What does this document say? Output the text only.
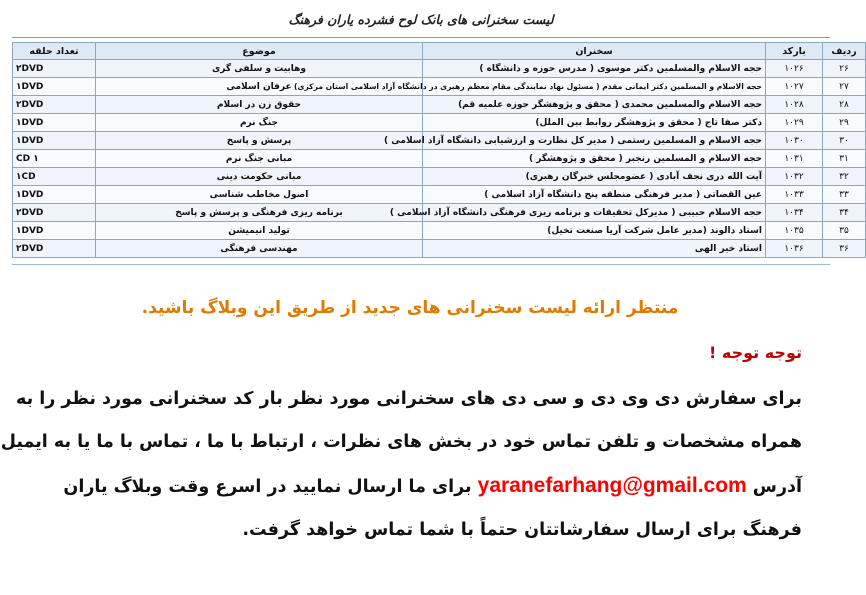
لیست سخنرانی های بانک لوح فشرده یاران فرهنگ
ردیف	بارکد	سخنران	موضوع	تعداد حلقه
۲۶	۱۰۲۶	حجه الاسلام والمسلمین دکتر موسوی ( مدرس حوزه و دانشگاه )	وهابیت و سلفی گری	۲DVD
۲۷	۱۰۲۷	حجه الاسلام و المسلمین دکتر ایمانی مقدم ( مسئول نهاد نمایندگی مقام معظم رهبری در دانشگاه آزاد اسلامی استان مرکزی)	عرفان اسلامی	۱DVD
۲۸	۱۰۲۸	حجه الاسلام والمسلمین محمدی ( محقق و پژوهشگر حوزه علمیه قم)	حقوق زن در اسلام	۲DVD
۲۹	۱۰۲۹	دکتر صفا تاج ( محقق و پژوهشگر روابط بین الملل)	جنگ نرم	۱DVD
۳۰	۱۰۳۰	حجه الاسلام و المسلمین رستمی ( مدیر کل نظارت و ارزشیابی دانشگاه آزاد اسلامی )	پرسش و پاسخ	۱DVD
۳۱	۱۰۳۱	حجه الاسلام و المسلمین رنجبر ( محقق و پژوهشگر )	مبانی جنگ نرم	۱ CD
۳۲	۱۰۳۲	آیت الله دری نجف آبادی ( عضومجلس خبرگان رهبری)	مبانی حکومت دینی	۱CD
۳۳	۱۰۳۳	عین القضاتی ( مدیر فرهنگی منطقه پنج دانشگاه آزاد اسلامی )	اصول مخاطب شناسی	۱DVD
۳۴	۱۰۳۴	حجه الاسلام حبیبی ( مدیرکل تحقیقات و برنامه ریزی فرهنگی دانشگاه آزاد اسلامی )	برنامه ریزی فرهنگی و پرسش و پاسخ	۲DVD
۳۵	۱۰۳۵	استاد دالوند (مدیر عامل شرکت آریا صنعت تخیل)	تولید انیمیشن	۱DVD
۳۶	۱۰۳۶	استاد خیر الهی	مهندسی فرهنگی	۲DVD
منتظر ارائه لیست سخنرانی های جدید از طریق این وبلاگ باشید.
توجه توجه !

برای سفارش دی وی دی و سی دی های سخنرانی مورد نظر بار کد سخنرانی مورد نظر را به

همراه مشخصات و تلفن تماس خود در بخش های نظرات ، ارتباط با ما ، تماس با ما یا به ایمیل

آدرس yaranefarhang@gmail.com برای ما ارسال نمایید در اسرع وقت وبلاگ یاران

فرهنگ برای ارسال سفارشاتتان حتماً با شما تماس خواهد گرفت.
